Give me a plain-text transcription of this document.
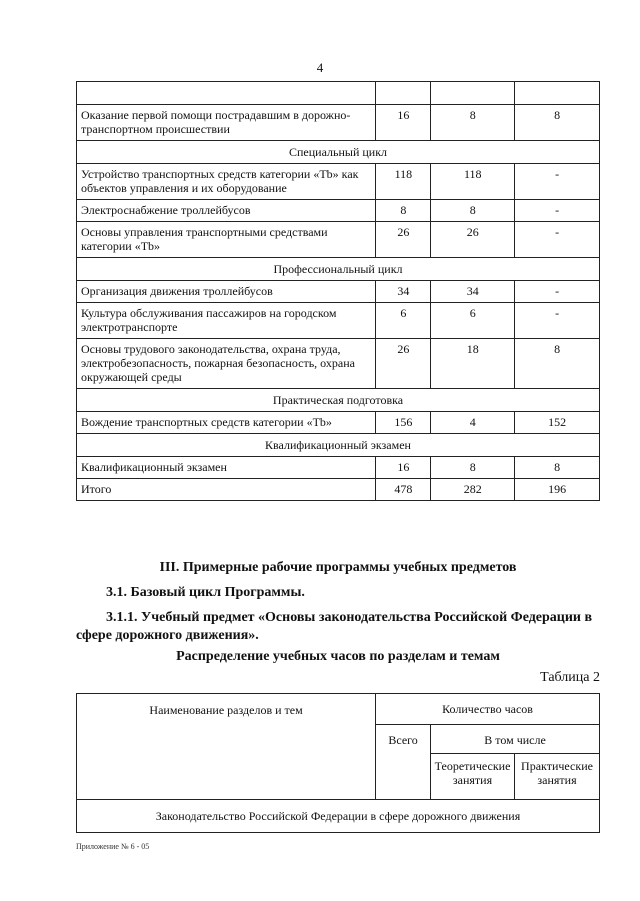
4

Оказание первой помощи пострадавшим в дорожно-транспортном происшествии	16	8	8
Специальный цикл			
Устройство транспортных средств категории «Tb» как объектов управления и их оборудование	118	118	-
Электроснабжение троллейбусов	8	8	-
Основы управления транспортными средствами категории «Tb»	26	26	-
Профессиональный цикл			
Организация движения троллейбусов	34	34	-
Культура обслуживания пассажиров на городском электротранспорте	6	6	-
Основы трудового законодательства, охрана труда, электробезопасность, пожарная безопасность, охрана окружающей среды	26	18	8
Практическая подготовка			
Вождение транспортных средств категории «Tb»	156	4	152
Квалификационный экзамен			
Квалификационный экзамен	16	8	8
Итого	478	282	196
III. Примерные рабочие программы учебных предметов
3.1. Базовый цикл Программы.
3.1.1. Учебный предмет «Основы законодательства Российской Федерации в сфере дорожного движения».
Распределение учебных часов по разделам и темам
Таблица 2
Наименование разделов и тем	Количество часов		
	Всего	В том числе	
		Теоретические занятия	Практические занятия
Законодательство Российской Федерации в сфере дорожного движения			
Приложение № 6 - 05
